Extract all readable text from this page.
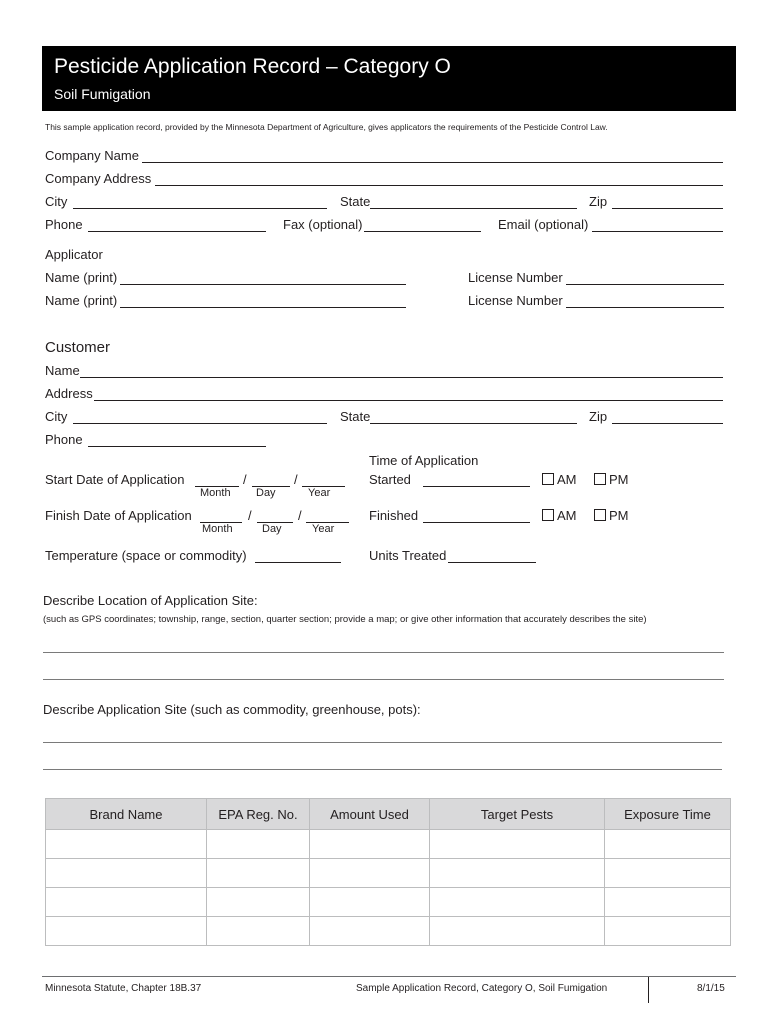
Pesticide Application Record – Category O
Soil Fumigation
This sample application record, provided by the Minnesota Department of Agriculture, gives applicators the requirements of the Pesticide Control Law.
Company Name
Company Address
City	State	Zip
Phone	Fax (optional)	Email (optional)
Applicator
Name (print)	License Number
Name (print)	License Number
Customer
Name
Address
City	State	Zip
Phone
Time of Application
Start Date of Application	/	/
Month Day	Year
Started	AM	PM
Finish Date of Application	/	/
Month	Day	Year
Finished	AM	PM
Temperature (space or commodity)	Units Treated
Describe Location of Application Site:
(such as GPS coordinates; township, range, section, quarter section; provide a map; or give other information that accurately describes the site)
Describe Application Site (such as commodity, greenhouse, pots):
Brand Name	EPA Reg. No.	Amount Used	Target Pests	Exposure Time

Minnesota Statute, Chapter 18B.37	Sample Application Record, Category O, Soil Fumigation	8/1/15
